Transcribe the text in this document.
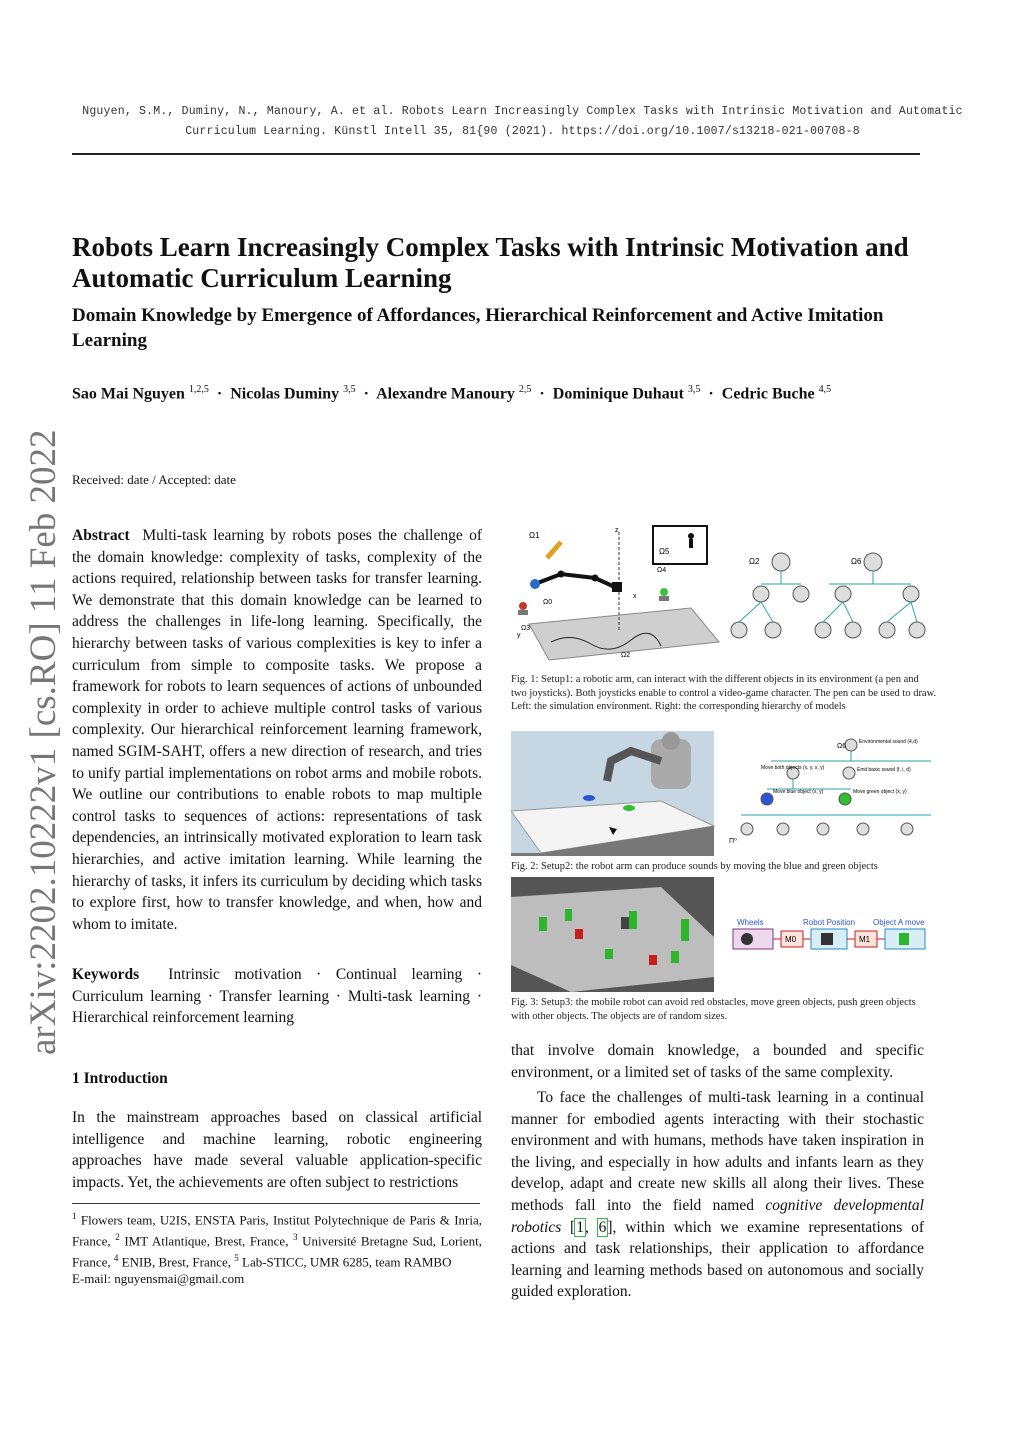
Nguyen, S.M., Duminy, N., Manoury, A. et al. Robots Learn Increasingly Complex Tasks with Intrinsic Motivation and Automatic
Curriculum Learning. Künstl Intell 35, 81{90 (2021). https://doi.org/10.1007/s13218-021-00708-8
arXiv:2202.10222v1 [cs.RO] 11 Feb 2022
Robots Learn Increasingly Complex Tasks with Intrinsic Motivation and Automatic Curriculum Learning
Domain Knowledge by Emergence of Affordances, Hierarchical Reinforcement and Active Imitation Learning
Sao Mai Nguyen $^{1,2,5}$  ·  Nicolas Duminy $^{3,5}$  ·  Alexandre Manoury $^{2,5}$  ·  Dominique Duhaut $^{3,5}$  ·  Cedric Buche $^{4,5}$
Received: date / Accepted: date

Abstract Multi-task learning by robots poses the challenge of the domain knowledge: complexity of tasks, complexity of the actions required, relationship between tasks for transfer learning. We demonstrate that this domain knowledge can be learned to address the challenges in life-long learning. Specifically, the hierarchy between tasks of various complexities is key to infer a curriculum from simple to composite tasks. We propose a framework for robots to learn sequences of actions of unbounded complexity in order to achieve multiple control tasks of various complexity. Our hierarchical reinforcement learning framework, named SGIM-SAHT, offers a new direction of research, and tries to unify partial implementations on robot arms and mobile robots. We outline our contributions to enable robots to map multiple control tasks to sequences of actions: representations of task dependencies, an intrinsically motivated exploration to learn task hierarchies, and active imitation learning. While learning the hierarchy of tasks, it infers its curriculum by deciding which tasks to explore first, how to transfer knowledge, and when, how and whom to imitate.

Keywords Intrinsic motivation · Continual learning · Curriculum learning · Transfer learning · Multi-task learning · Hierarchical reinforcement learning

1 Introduction

In the mainstream approaches based on classical artificial intelligence and machine learning, robotic engineering approaches have made several valuable application-specific impacts. Yet, the achievements are often subject to restrictions

$^1$ Flowers team, U2IS, ENSTA Paris, Institut Polytechnique de Paris & Inria, France, $^2$ IMT Atlantique, Brest, France, $^3$ Université Bretagne Sud, Lorient, France, $^4$ ENIB, Brest, France, $^5$ Lab-STICC, UMR 6285, team RAMBO
E-mail: nguyensmai@gmail.com
Ω5
z
x
y
Ω1
Ω0
Ω3
Ω4
Ω2
Ω2	Ω6
Fig. 1: Setup1: a robotic arm, can interact with the different objects in its environment (a pen and two joysticks). Both joysticks enable to control a video-game character. The pen can be used to draw. Left: the simulation environment. Right: the corresponding hierarchy of models
Ω6
Environmental sound (4,d)
Move both objects (x, y, x, y)	Emit basic sound (f, i, d)
Move blue object (x, y)	Move green object (x, y)
Π⁰
Fig. 2: Setup2: the robot arm can produce sounds by moving the blue and green objects
Wheels
M0
Robot Position
M1
Object A move
Fig. 3: Setup3: the mobile robot can avoid red obstacles, move green objects, push green objects with other objects. The objects are of random sizes.

that involve domain knowledge, a bounded and specific environment, or a limited set of tasks of the same complexity.

To face the challenges of multi-task learning in a continual manner for embodied agents interacting with their stochastic environment and with humans, methods have taken inspiration in the living, and especially in how adults and infants learn as they develop, adapt and create new skills all along their lives. These methods fall into the field named cognitive developmental robotics [1, 6], within which we examine representations of actions and task relationships, their application to affordance learning and learning methods based on autonomous and socially guided exploration.
